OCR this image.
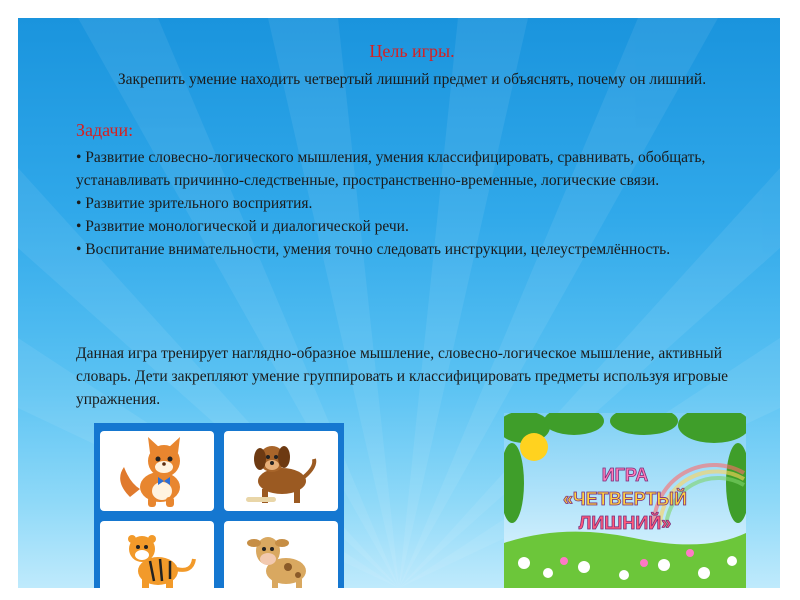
Цель игры.
Закрепить умение находить четвертый лишний предмет и объяснять, почему он лишний.
Задачи:
• Развитие словесно-логического мышления, умения классифицировать, сравнивать, обобщать, устанавливать причинно-следственные, пространственно-временные, логические связи.
• Развитие зрительного восприятия.
• Развитие монологической и диалогической речи.
• Воспитание внимательности, умения точно следовать инструкции, целеустремлённость.
Данная игра тренирует наглядно-образное мышление, словесно-логическое мышление, активный словарь. Дети закрепляют умение группировать и классифицировать предметы используя игровые упражнения.
ИГРА
«ЧЕТВЕРТЫЙ
ЛИШНИЙ»
